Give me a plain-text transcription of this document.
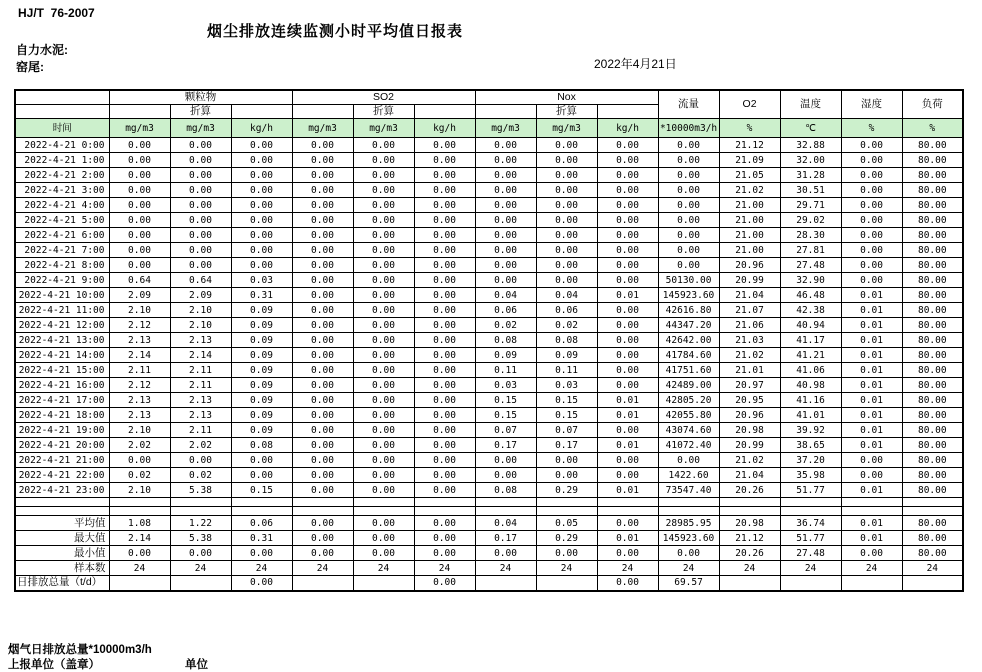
HJ/T  76-2007
烟尘排放连续监测小时平均值日报表
自力水泥:
窑尾:	2022年4月21日
	颗粒物			SO2			Nox			流量	O2	温度	湿度	负荷
		折算			折算			折算						
时间	mg/m3	mg/m3	kg/h	mg/m3	mg/m3	kg/h	mg/m3	mg/m3	kg/h	*10000m3/h	%	℃	%	%
2022-4-21 0:00	0.00	0.00	0.00	0.00	0.00	0.00	0.00	0.00	0.00	0.00	21.12	32.88	0.00	80.00
2022-4-21 1:00	0.00	0.00	0.00	0.00	0.00	0.00	0.00	0.00	0.00	0.00	21.09	32.00	0.00	80.00
2022-4-21 2:00	0.00	0.00	0.00	0.00	0.00	0.00	0.00	0.00	0.00	0.00	21.05	31.28	0.00	80.00
2022-4-21 3:00	0.00	0.00	0.00	0.00	0.00	0.00	0.00	0.00	0.00	0.00	21.02	30.51	0.00	80.00
2022-4-21 4:00	0.00	0.00	0.00	0.00	0.00	0.00	0.00	0.00	0.00	0.00	21.00	29.71	0.00	80.00
2022-4-21 5:00	0.00	0.00	0.00	0.00	0.00	0.00	0.00	0.00	0.00	0.00	21.00	29.02	0.00	80.00
2022-4-21 6:00	0.00	0.00	0.00	0.00	0.00	0.00	0.00	0.00	0.00	0.00	21.00	28.30	0.00	80.00
2022-4-21 7:00	0.00	0.00	0.00	0.00	0.00	0.00	0.00	0.00	0.00	0.00	21.00	27.81	0.00	80.00
2022-4-21 8:00	0.00	0.00	0.00	0.00	0.00	0.00	0.00	0.00	0.00	0.00	20.96	27.48	0.00	80.00
2022-4-21 9:00	0.64	0.64	0.03	0.00	0.00	0.00	0.00	0.00	0.00	50130.00	20.99	32.90	0.00	80.00
2022-4-21 10:00	2.09	2.09	0.31	0.00	0.00	0.00	0.04	0.04	0.01	145923.60	21.04	46.48	0.01	80.00
2022-4-21 11:00	2.10	2.10	0.09	0.00	0.00	0.00	0.06	0.06	0.00	42616.80	21.07	42.38	0.01	80.00
2022-4-21 12:00	2.12	2.10	0.09	0.00	0.00	0.00	0.02	0.02	0.00	44347.20	21.06	40.94	0.01	80.00
2022-4-21 13:00	2.13	2.13	0.09	0.00	0.00	0.00	0.08	0.08	0.00	42642.00	21.03	41.17	0.01	80.00
2022-4-21 14:00	2.14	2.14	0.09	0.00	0.00	0.00	0.09	0.09	0.00	41784.60	21.02	41.21	0.01	80.00
2022-4-21 15:00	2.11	2.11	0.09	0.00	0.00	0.00	0.11	0.11	0.00	41751.60	21.01	41.06	0.01	80.00
2022-4-21 16:00	2.12	2.11	0.09	0.00	0.00	0.00	0.03	0.03	0.00	42489.00	20.97	40.98	0.01	80.00
2022-4-21 17:00	2.13	2.13	0.09	0.00	0.00	0.00	0.15	0.15	0.01	42805.20	20.95	41.16	0.01	80.00
2022-4-21 18:00	2.13	2.13	0.09	0.00	0.00	0.00	0.15	0.15	0.01	42055.80	20.96	41.01	0.01	80.00
2022-4-21 19:00	2.10	2.11	0.09	0.00	0.00	0.00	0.07	0.07	0.00	43074.60	20.98	39.92	0.01	80.00
2022-4-21 20:00	2.02	2.02	0.08	0.00	0.00	0.00	0.17	0.17	0.01	41072.40	20.99	38.65	0.01	80.00
2022-4-21 21:00	0.00	0.00	0.00	0.00	0.00	0.00	0.00	0.00	0.00	0.00	21.02	37.20	0.00	80.00
2022-4-21 22:00	0.02	0.02	0.00	0.00	0.00	0.00	0.00	0.00	0.00	1422.60	21.04	35.98	0.00	80.00
2022-4-21 23:00	2.10	5.38	0.15	0.00	0.00	0.00	0.08	0.29	0.01	73547.40	20.26	51.77	0.01	80.00

平均值	1.08	1.22	0.06	0.00	0.00	0.00	0.04	0.05	0.00	28985.95	20.98	36.74	0.01	80.00
最大值	2.14	5.38	0.31	0.00	0.00	0.00	0.17	0.29	0.01	145923.60	21.12	51.77	0.01	80.00
最小值	0.00	0.00	0.00	0.00	0.00	0.00	0.00	0.00	0.00	0.00	20.26	27.48	0.00	80.00
样本数	24	24	24	24	24	24	24	24	24	24	24	24	24	24
日排放总量（t/d）			0.00			0.00			0.00	69.57				
烟气日排放总量*10000m3/h
上报单位（盖章）	单位
